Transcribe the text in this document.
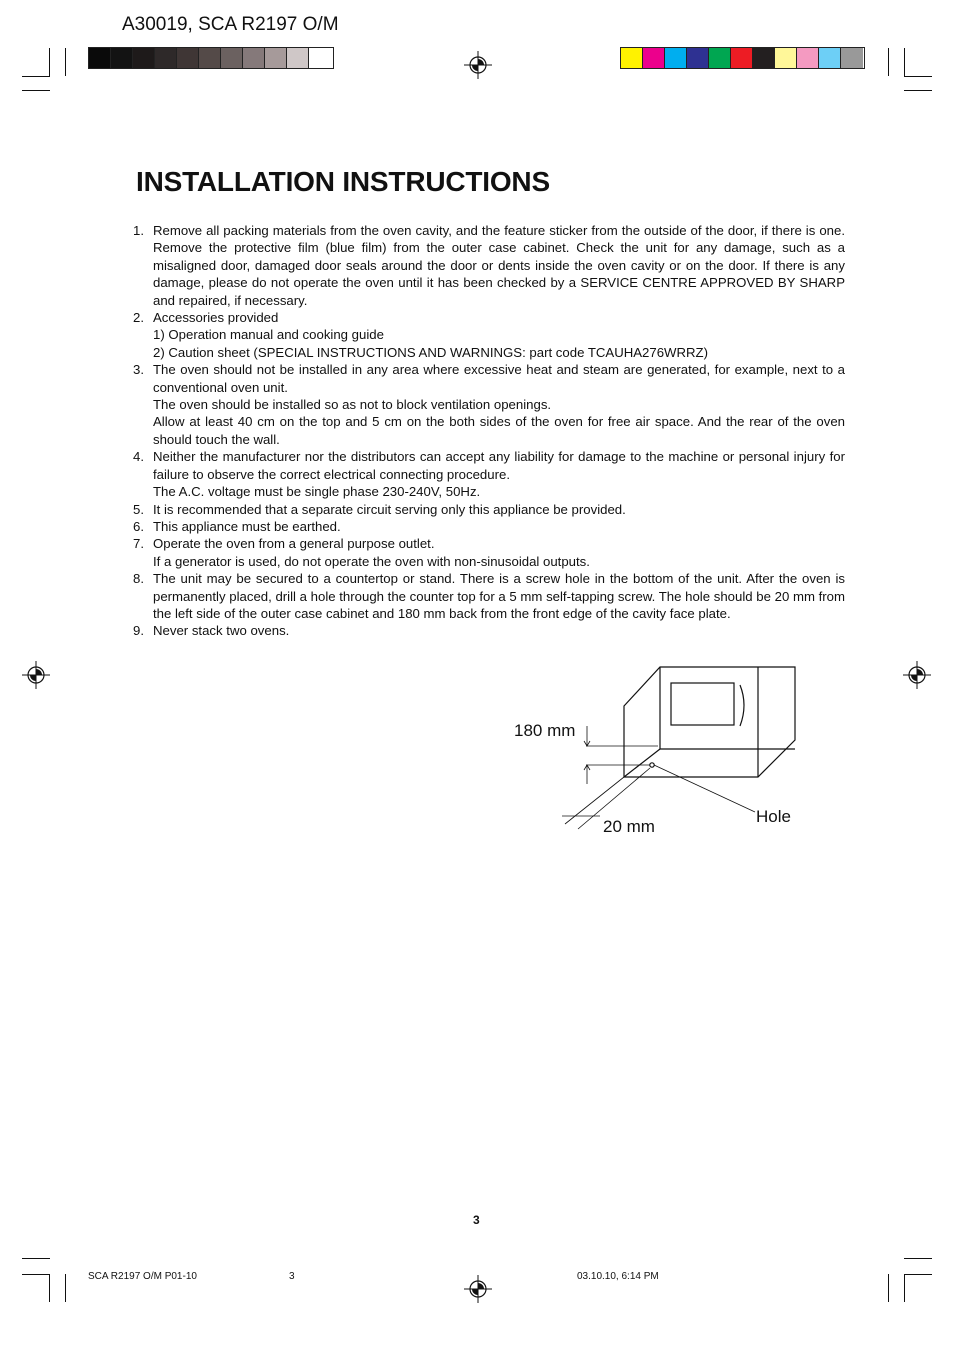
A30019, SCA R2197 O/M
INSTALLATION INSTRUCTIONS
1. Remove all packing materials from the oven cavity, and the feature sticker from the outside of the door, if there is one. Remove the protective film (blue film) from the outer case cabinet. Check the unit for any damage, such as a misaligned door, damaged door seals around the door or dents inside the oven cavity or on the door. If there is any damage, please do not operate the oven until it has been checked by a SERVICE CENTRE APPROVED BY SHARP and repaired, if necessary.
2. Accessories provided
1) Operation manual and cooking guide
2) Caution sheet (SPECIAL INSTRUCTIONS AND WARNINGS: part code TCAUHA276WRRZ)
3. The oven should not be installed in any area where excessive heat and steam are generated, for example, next to a conventional oven unit.
The oven should be installed so as not to block ventilation openings.
Allow at least 40 cm on the top and 5 cm on the both sides of the oven for free air space. And the rear of the oven should touch the wall.
4. Neither the manufacturer nor the distributors can accept any liability for damage to the machine or personal injury for failure to observe the correct electrical connecting procedure.
The A.C. voltage must be single phase 230-240V, 50Hz.
5. It is recommended that a separate circuit serving only this appliance be provided.
6. This appliance must be earthed.
7. Operate the oven from a general purpose outlet.
If a generator is used, do not operate the oven with non-sinusoidal outputs.
8. The unit may be secured to a countertop or stand. There is a screw hole in the bottom of the unit. After the oven is permanently placed, drill a hole through the counter top for a 5 mm self-tapping screw. The hole should be 20 mm from the left side of the outer case cabinet and 180 mm back from the front edge of the cavity face plate.
9. Never stack two ovens.
180 mm
20 mm
Hole
3
SCA R2197 O/M P01-10	3	03.10.10, 6:14 PM
